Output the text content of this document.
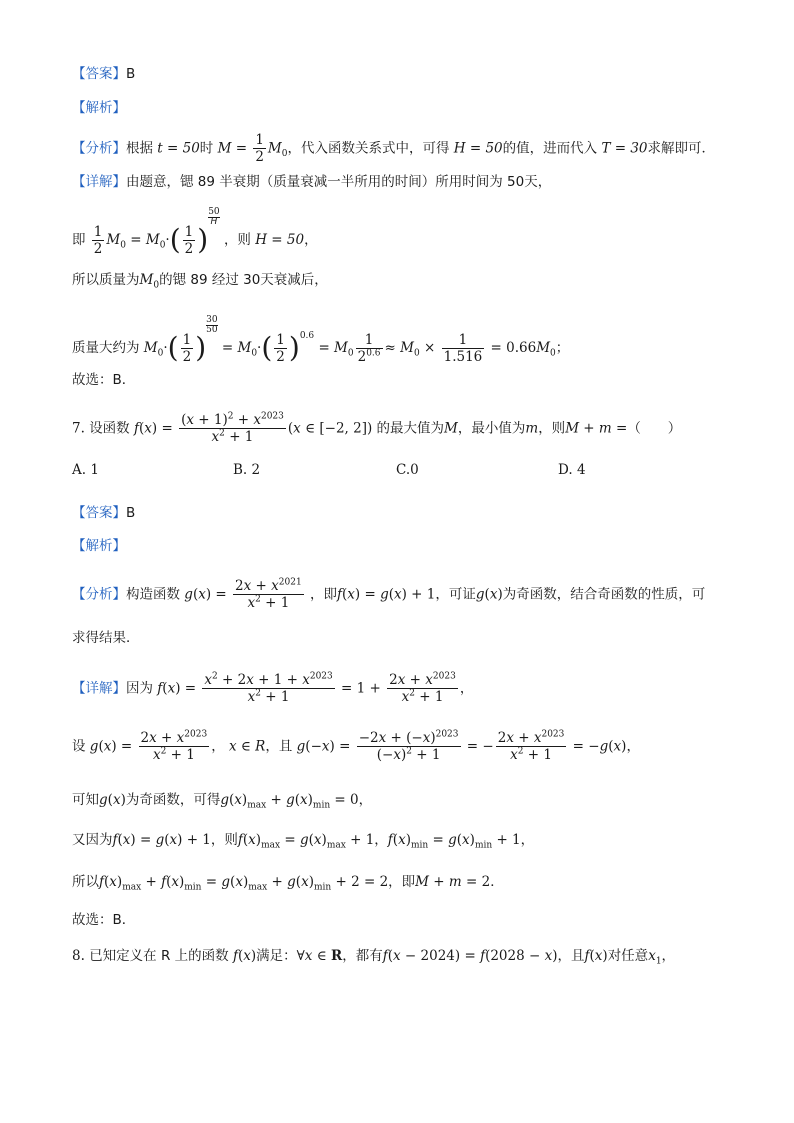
【答案】B
【解析】
【分析】根据 t = 50时 $M = \frac{1}{2} M_0$，代入函数关系式中，可得 H = 50的值，进而代入 T = 30求解即可．
【详解】由题意，锶 89 半衰期（质量衰减一半所用的时间）所用时间为 50天，
即 $\frac{1}{2} M_0 = M_0\cdot( \frac{1}{2}$ )
$\frac{50}{H}$
，则 H = 50，
所以质量为$M_0$的锶 89 经过 30天衰减后，
质量大约为 $M_0\cdot( \frac{1}{2}$ )
$\frac{30}{50}$
= $M_0\cdot( \frac{1}{2} )^{0.6} = M_0 \frac{1}{2^{0.6}} \approx M_0 \times \frac{1}{1.516} = 0.66M_0$；
故选：B．
7. 设函数 $f(x) = \frac{(x + 1)^2 + x^{2023}}{x^2 + 1} (x$ ∈ [−2, 2]) 的最大值为M，最小值为m，则M + m =（　　）
A. 1	B. 2	C.0	D. 4
【答案】B
【解析】
【分析】构造函数 $g(x) = \frac{2x + x^{2021}}{x^2 + 1}$ ，即f(x) = g(x) + 1，可证g(x)为奇函数，结合奇函数的性质，可
求得结果．
【详解】因为 $f(x) = \frac{x^2 + 2x + 1 + x^{2023}}{x^2 + 1} = 1 + \frac{2x + x^{2023}}{x^2 + 1}$ ，
设 $g(x) = \frac{2x + x^{2023}}{x^2 + 1}$ ， x ∈ R，且 $g(-x) = \frac{-2x + (-x)^{2023}}{(-x)^2 + 1}$ = − $\frac{2x + x^{2023}}{x^2 + 1} = -g(x)$，
可知g(x)为奇函数，可得$g(x)_{max} + g(x)_{min} = 0$，
又因为f(x) = g(x) + 1，则$f(x)_{max} = g(x)_{max} + 1$，$f(x)_{min} = g(x)_{min} + 1$，
所以$f(x)_{max} + f(x)_{min} = g(x)_{max} + g(x)_{min} + 2 = 2$，即M + m = 2．
故选：B．
8. 已知定义在 R 上的函数 f(x)满足：∀x ∈ R，都有f(x − 2024) = f(2028 − x)，且f(x)对任意$x_1$，
